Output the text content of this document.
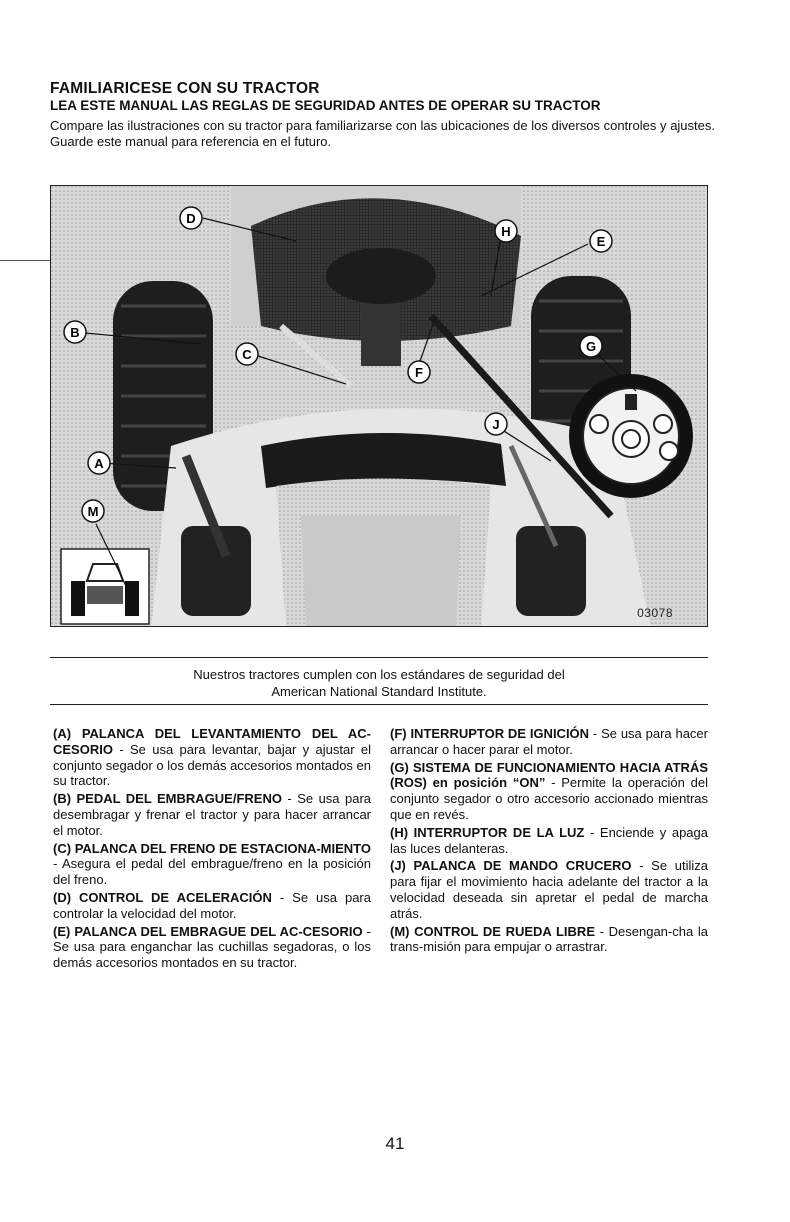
FAMILIARICESE CON SU TRACTOR
LEA ESTE MANUAL LAS REGLAS DE SEGURIDAD ANTES DE OPERAR SU TRACTOR
Compare las ilustraciones con su tractor para familiarizarse con las ubicaciones de los diversos controles y ajustes. Guarde este manual para referencia en el futuro.
D
H
E
B
C
F
G
J
A
M
03078
Nuestros tractores cumplen con los estándares de seguridad del
American National Standard Institute.

(A) PALANCA DEL LEVANTAMIENTO DEL AC-CESORIO - Se usa para levantar, bajar y ajustar el conjunto segador o los demás accesorios montados en su tractor.

(B) PEDAL DEL EMBRAGUE/FRENO - Se usa para desembragar y frenar el tractor y para hacer arrancar el motor.

(C) PALANCA DEL FRENO DE ESTACIONA-MIENTO - Asegura el pedal del embrague/freno en la posición del freno.

(D) CONTROL DE ACELERACIÓN - Se usa para controlar la velocidad del motor.

(E) PALANCA DEL EMBRAGUE DEL AC-CESORIO - Se usa para enganchar las cuchillas segadoras, o los demás accesorios montados en su tractor.

(F) INTERRUPTOR DE IGNICIÓN - Se usa para hacer arrancar o hacer parar el motor.

(G) SISTEMA DE FUNCIONAMIENTO HACIA ATRÁS (ROS) en posición “ON” - Permite la operación del conjunto segador o otro accesorio accionado mientras que en revés.

(H) INTERRUPTOR DE LA LUZ - Enciende y apaga las luces delanteras.

(J) PALANCA DE MANDO CRUCERO - Se utiliza para fijar el movimiento hacia adelante del tractor a la velocidad deseada sin apretar el pedal de marcha atrás.

(M) CONTROL DE RUEDA LIBRE - Desengan-cha la trans-misión para empujar o arrastrar.

41
